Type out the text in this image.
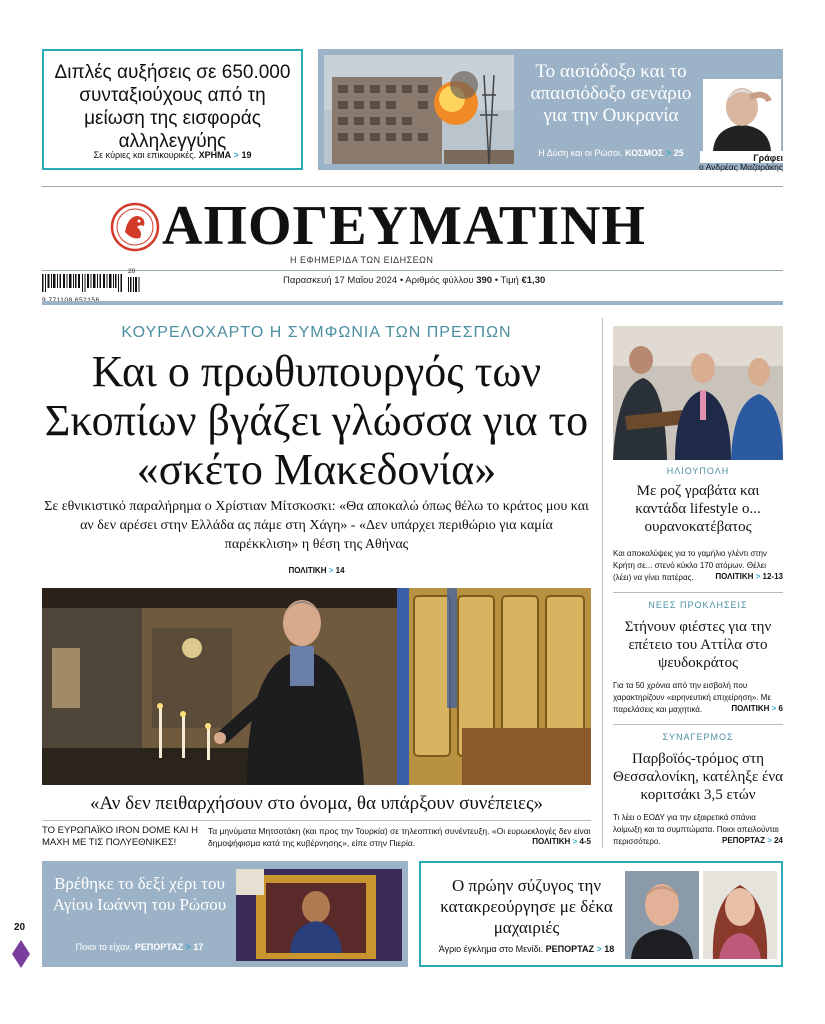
Διπλές αυξήσεις σε 650.000 συνταξιούχους από τη μείωση της εισφοράς αλληλεγγύης
Σε κύριες και επικουρικές. ΧΡΗΜΑ > 19
Το αισιόδοξο και το απαισιόδοξο σενάριο για την Ουκρανία
Η Δύση και οι Ρώσοι. ΚΟΣΜΟΣ > 25	Γράφει
ο Ανδρέας Μαζαράκης
ΑΠΟΓΕΥΜΑΤΙΝΗ
Η ΕΦΗΜΕΡΙΔΑ ΤΩΝ ΕΙΔΗΣΕΩΝ
20
Παρασκευή 17 Μαΐου 2024 • Αριθμός φύλλου 390 • Τιμή €1,30
ΚΟΥΡΕΛΟΧΑΡΤΟ Η ΣΥΜΦΩΝΙΑ ΤΩΝ ΠΡΕΣΠΩΝ
Και ο πρωθυπουργός των Σκοπίων βγάζει γλώσσα για το «σκέτο Μακεδονία»
Σε εθνικιστικό παραλήρημα ο Χρίστιαν Μίτσκοσκι: «Θα αποκαλώ όπως θέλω το κράτος μου και αν δεν αρέσει στην Ελλάδα ας πάμε στη Χάγη» - «Δεν υπάρχει περιθώριο για καμία παρέκκλιση» η θέση της Αθήνας
ΠΟΛΙΤΙΚΗ > 14
«Αν δεν πειθαρχήσουν στο όνομα, θα υπάρξουν συνέπειες»
ΤΟ ΕΥΡΩΠΑΪΚΟ IRON DOME ΚΑΙ Η ΜΑΧΗ ΜΕ ΤΙΣ ΠΟΛΥΕΘΝΙΚΕΣ!
Τα μηνύματα Μητσοτάκη (και προς την Τουρκία) σε τηλεοπτική συνέντευξη. «Οι ευρωεκλογές δεν είναι δημοψήφισμα κατά της κυβέρνησης», είπε στην Πιερία.	ΠΟΛΙΤΙΚΗ > 4-5
ΗΛΙΟΥΠΟΛΗ
Με ροζ γραβάτα και καντάδα lifestyle ο... ουρανοκατέβατος
Και αποκαλύψεις για το γαμήλιο γλέντι στην Κρήτη σε... στενό κύκλο 170 ατόμων. Θέλει (λέει) να γίνει πατέρας.	ΠΟΛΙΤΙΚΗ > 12-13
ΝΕΕΣ ΠΡΟΚΛΗΣΕΙΣ
Στήνουν φιέστες για την επέτειο του Αττίλα στο ψευδοκράτος
Για τα 50 χρόνια από την εισβολή που χαρακτηρίζουν «ειρηνευτική επιχείρηση». Με παρελάσεις και μαχητικά.	ΠΟΛΙΤΙΚΗ > 6
ΣΥΝΑΓΕΡΜΟΣ
Παρβοϊός-τρόμος στη Θεσσαλονίκη, κατέληξε ένα κοριτσάκι 3,5 ετών
Τι λέει ο ΕΟΔΥ για την εξαιρετικά σπάνια λοίμωξη και τα συμπτώματα. Ποιοι απειλούνται περισσότερο.	ΡΕΠΟΡΤΑΖ > 24
Βρέθηκε το δεξί χέρι του Αγίου Ιωάννη του Ρώσου
Ποιοι το είχαν. ΡΕΠΟΡΤΑΖ > 17
Ο πρώην σύζυγος την κατακρεούργησε με δέκα μαχαιριές
Άγριο έγκλημα στο Μενίδι. ΡΕΠΟΡΤΑΖ > 18
20
